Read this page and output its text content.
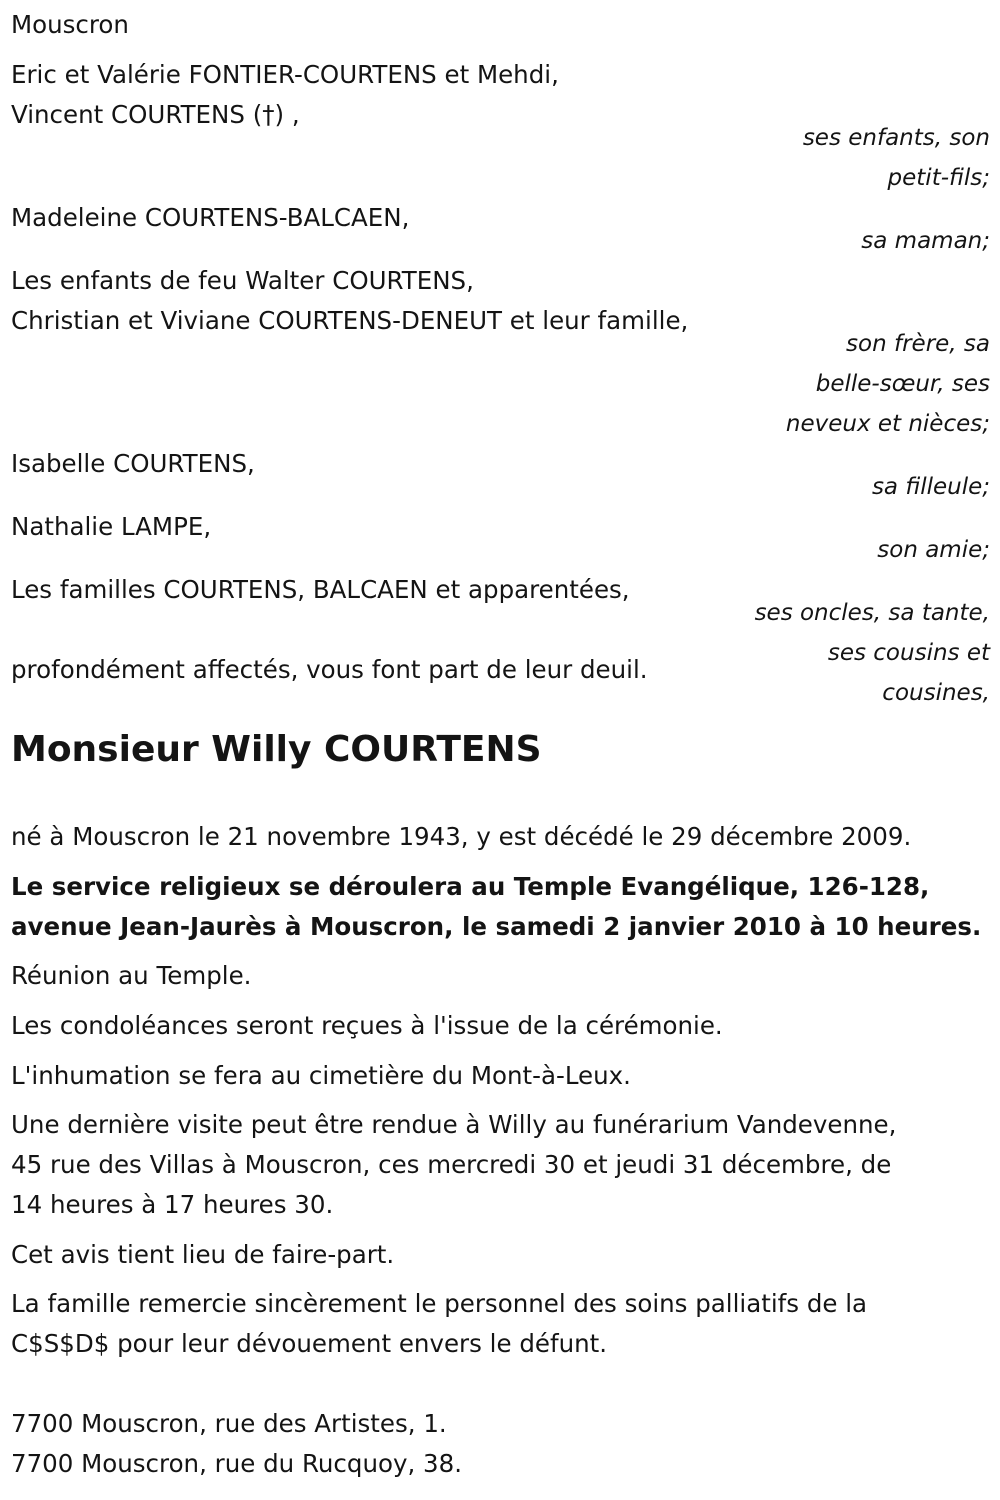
Mouscron
Eric et Valérie FONTIER-COURTENS et Mehdi,
Vincent COURTENS (†) ,
ses enfants, son
petit-fils;
Madeleine COURTENS-BALCAEN,
sa maman;
Les enfants de feu Walter COURTENS,
Christian et Viviane COURTENS-DENEUT et leur famille,
son frère, sa
belle-sœur, ses
neveux et nièces;
Isabelle COURTENS,
sa filleule;
Nathalie LAMPE,
son amie;
Les familles COURTENS, BALCAEN et apparentées,
ses oncles, sa tante,
ses cousins et
cousines,
profondément affectés, vous font part de leur deuil.
Monsieur Willy COURTENS
né à Mouscron le 21 novembre 1943, y est décédé le 29 décembre 2009.
Le service religieux se déroulera au Temple Evangélique, 126-128,
avenue Jean-Jaurès à Mouscron, le samedi 2 janvier 2010 à 10 heures.
Réunion au Temple.
Les condoléances seront reçues à l'issue de la cérémonie.
L'inhumation se fera au cimetière du Mont-à-Leux.
Une dernière visite peut être rendue à Willy au funérarium Vandevenne,
45 rue des Villas à Mouscron, ces mercredi 30 et jeudi 31 décembre, de
14 heures à 17 heures 30.
Cet avis tient lieu de faire-part.
La famille remercie sincèrement le personnel des soins palliatifs de la
C$S$D$ pour leur dévouement envers le défunt.
7700 Mouscron, rue des Artistes, 1.
7700 Mouscron, rue du Rucquoy, 38.
